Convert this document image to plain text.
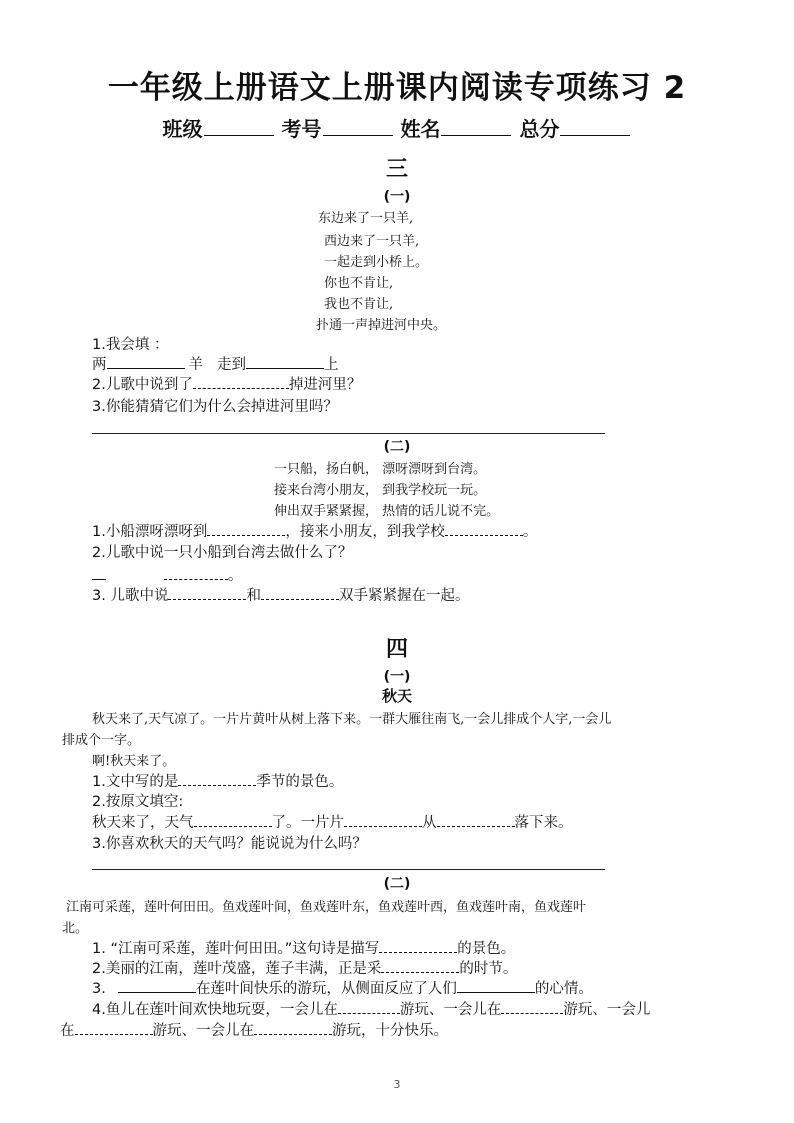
一年级上册语文上册课内阅读专项练习 2
班级	考号	姓名	总分
三
(一)
东边来了一只羊,
西边来了一只羊,
一起走到小桥上。
你也不肯让,
我也不肯让,
扑通一声掉进河中央。
1.我会填 ：
两	羊 走到	上
2.儿歌中说到了	掉进河里？
3.你能猜猜它们为什么会掉进河里吗？
(二)
一只船，扬白帆， 漂呀漂呀到台湾。
接来台湾小朋友， 到我学校玩一玩。
伸出双手紧紧握， 热情的话儿说不完。
1.小船漂呀漂呀到	，接来小朋友，到我学校	。
2.儿歌中说一只小船到台湾去做什么了？
。
3. 儿歌中说	和	双手紧紧握在一起。
四
(一)
秋天
秋天来了,天气凉了。一片片黄叶从树上落下来。一群大雁往南飞,一会儿排成个人字,一会儿
排成个一字。
啊!秋天来了。
1.文中写的是	季节的景色。
2.按原文填空:
秋天来了，天气	了。一片片	从	落下来。
3.你喜欢秋天的天气吗？能说说为什么吗？
(二)
江南可采莲，莲叶何田田。鱼戏莲叶间，鱼戏莲叶东，鱼戏莲叶西，鱼戏莲叶南，鱼戏莲叶
北。
1. “江南可采莲，莲叶何田田。”这句诗是描写	的景色。
2.美丽的江南，莲叶茂盛，莲子丰满，正是采	的时节。
3.	在莲叶间快乐的游玩，从侧面反应了人们	的心情。
4.鱼儿在莲叶间欢快地玩耍，一会儿在	游玩、一会儿在	游玩、一会儿
在	游玩、一会儿在	游玩，十分快乐。
3
